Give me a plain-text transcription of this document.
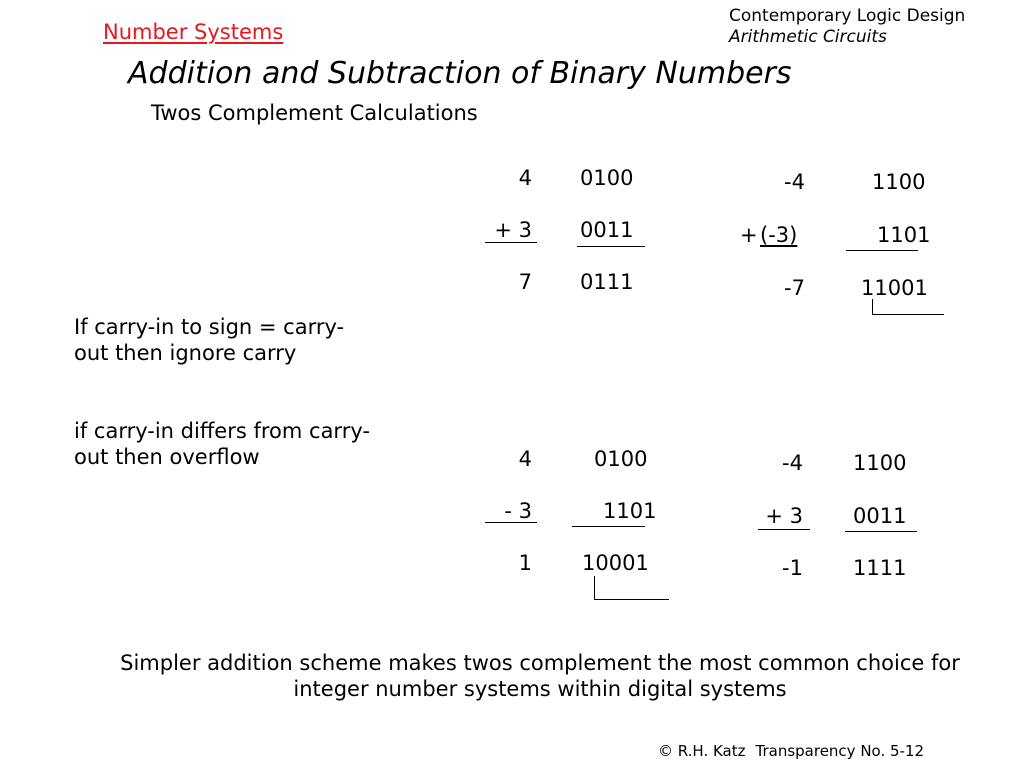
Number Systems
Contemporary Logic Design
Arithmetic Circuits
Addition and Subtraction of Binary Numbers
Twos Complement Calculations
4 0100
+ 3 0011
7 0111
-4	1100
+ (-3)	1101
-7	11001
If carry-in to sign = carry-out then ignore carry
if carry-in differs from carry-out then overflow	4	0100
- 3	1101
1 10001
-4 1100
+ 3 0011
-1 1111
Simpler addition scheme makes twos complement the most common choice for integer number systems within digital systems
© R.H. Katz Transparency No. 5-12
